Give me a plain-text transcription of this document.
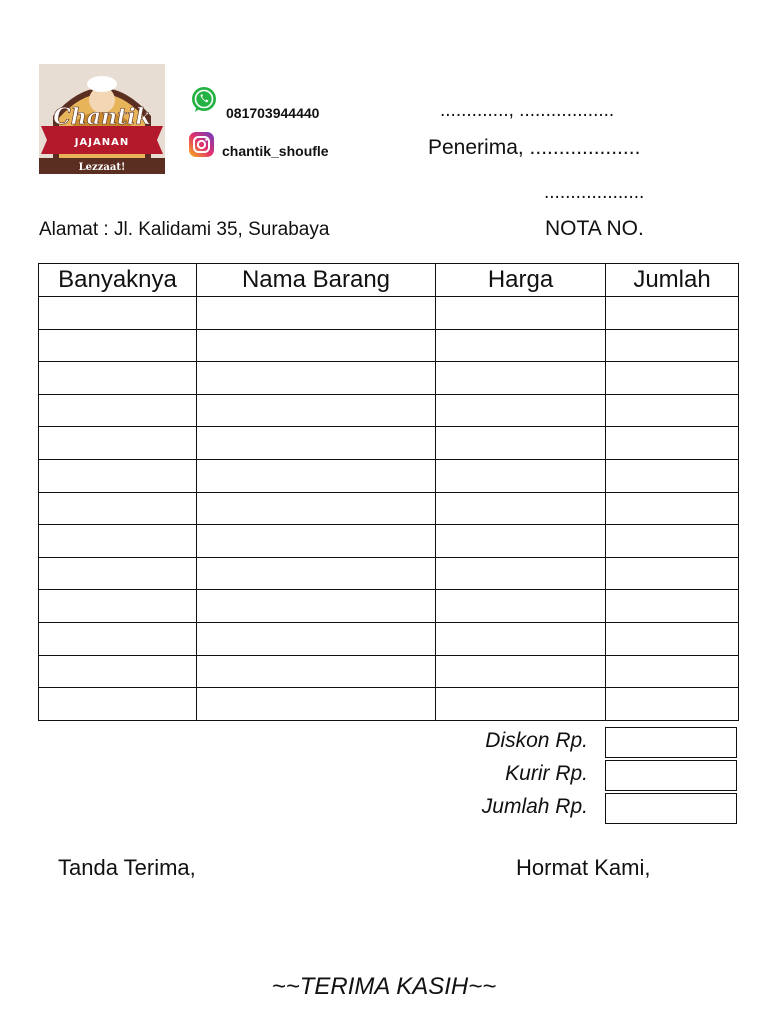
Chantik
JAJANAN
Lezzaat!
081703944440
chantik_shoufle
............., ..................
Penerima, ...................
...................
Alamat : Jl. Kalidami 35, Surabaya	NOTA NO.
Banyaknya	Nama Barang	Harga	Jumlah

Diskon Rp.
Kurir Rp.
Jumlah Rp.
Tanda Terima,	Hormat Kami,
~~TERIMA KASIH~~
